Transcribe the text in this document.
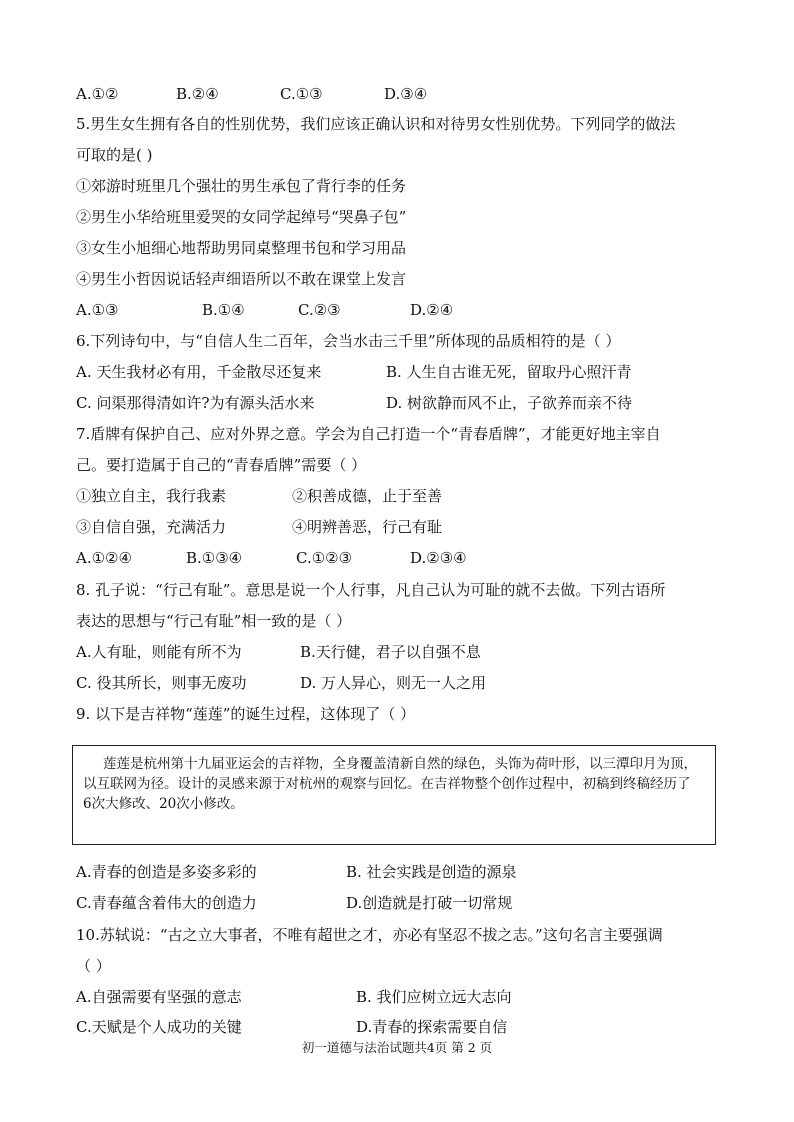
A.①②	B.②④	C.①③	D.③④
5.男生女生拥有各自的性别优势，我们应该正确认识和对待男女性别优势。下列同学的做法
可取的是( )
①郊游时班里几个强壮的男生承包了背行李的任务
②男生小华给班里爱哭的女同学起绰号“哭鼻子包”
③女生小旭细心地帮助男同桌整理书包和学习用品
④男生小哲因说话轻声细语所以不敢在课堂上发言
A.①③	B.①④	C.②③	D.②④
6.下列诗句中，与“自信人生二百年，会当水击三千里”所体现的品质相符的是（ ）
A. 天生我材必有用，千金散尽还复来	B. 人生自古谁无死，留取丹心照汗青
C. 问渠那得清如许?为有源头活水来	D. 树欲静而风不止，子欲养而亲不待
7.盾牌有保护自己、应对外界之意。学会为自己打造一个“青春盾牌”，才能更好地主宰自
己。要打造属于自己的“青春盾牌”需要（ ）
①独立自主，我行我素	②积善成德，止于至善
③自信自强，充满活力	④明辨善恶，行己有耻
A.①②④	B.①③④	C.①②③	D.②③④
8. 孔子说：“行己有耻”。意思是说一个人行事，凡自己认为可耻的就不去做。下列古语所
表达的思想与“行己有耻”相一致的是（ ）
A.人有耻，则能有所不为	B.天行健，君子以自强不息
C. 役其所长，则事无废功	D. 万人异心，则无一人之用
9. 以下是吉祥物“莲莲”的诞生过程，这体现了（ ）

莲莲是杭州第十九届亚运会的吉祥物，全身覆盖清新自然的绿色，头饰为荷叶形，以三潭印月为顶，

以互联网为径。设计的灵感来源于对杭州的观察与回忆。在吉祥物整个创作过程中，初稿到终稿经历了

6次大修改、20次小修改。

A.青春的创造是多姿多彩的	B. 社会实践是创造的源泉
C.青春蕴含着伟大的创造力	D.创造就是打破一切常规
10.苏轼说：“古之立大事者，不唯有超世之才，亦必有坚忍不拔之志。”这句名言主要强调
（ ）
A.自强需要有坚强的意志	B. 我们应树立远大志向
C.天赋是个人成功的关键	D.青春的探索需要自信
初一道德与法治试题共4页 第 2 页
